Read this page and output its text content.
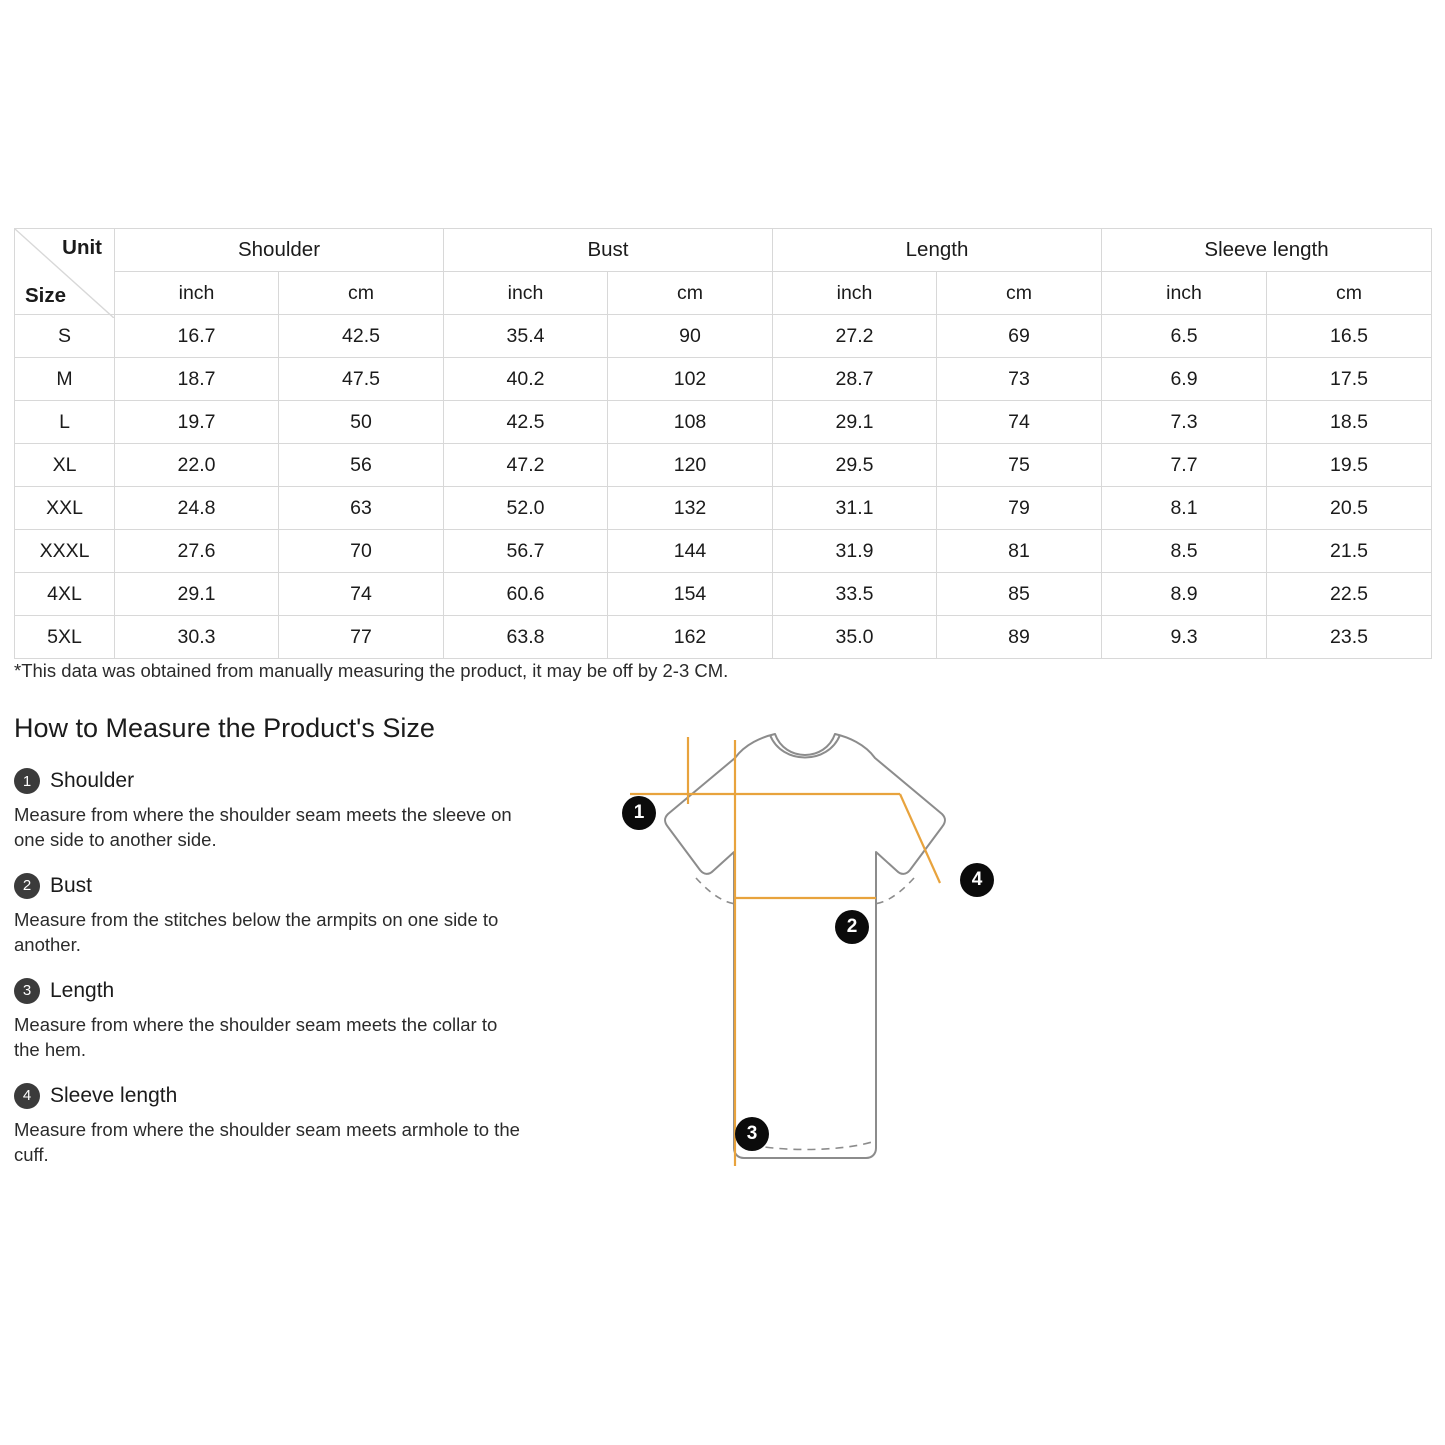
Unit
Size	Shoulder		Bust		Length		Sleeve length	
	inch	cm	inch	cm	inch	cm	inch	cm
S	16.7	42.5	35.4	90	27.2	69	6.5	16.5
M	18.7	47.5	40.2	102	28.7	73	6.9	17.5
L	19.7	50	42.5	108	29.1	74	7.3	18.5
XL	22.0	56	47.2	120	29.5	75	7.7	19.5
XXL	24.8	63	52.0	132	31.1	79	8.1	20.5
XXXL	27.6	70	56.7	144	31.9	81	8.5	21.5
4XL	29.1	74	60.6	154	33.5	85	8.9	22.5
5XL	30.3	77	63.8	162	35.0	89	9.3	23.5
*This data was obtained from manually measuring the product, it may be off by 2-3 CM.
How to Measure the Product's Size
1 Shoulder
Measure from where the shoulder seam meets the sleeve on one side to another side.
2 Bust
Measure from the stitches below the armpits on one side to another.
3 Length
Measure from where the shoulder seam meets the collar to the hem.
4 Sleeve length
Measure from where the shoulder seam meets armhole to the cuff.
1
2
3
4
